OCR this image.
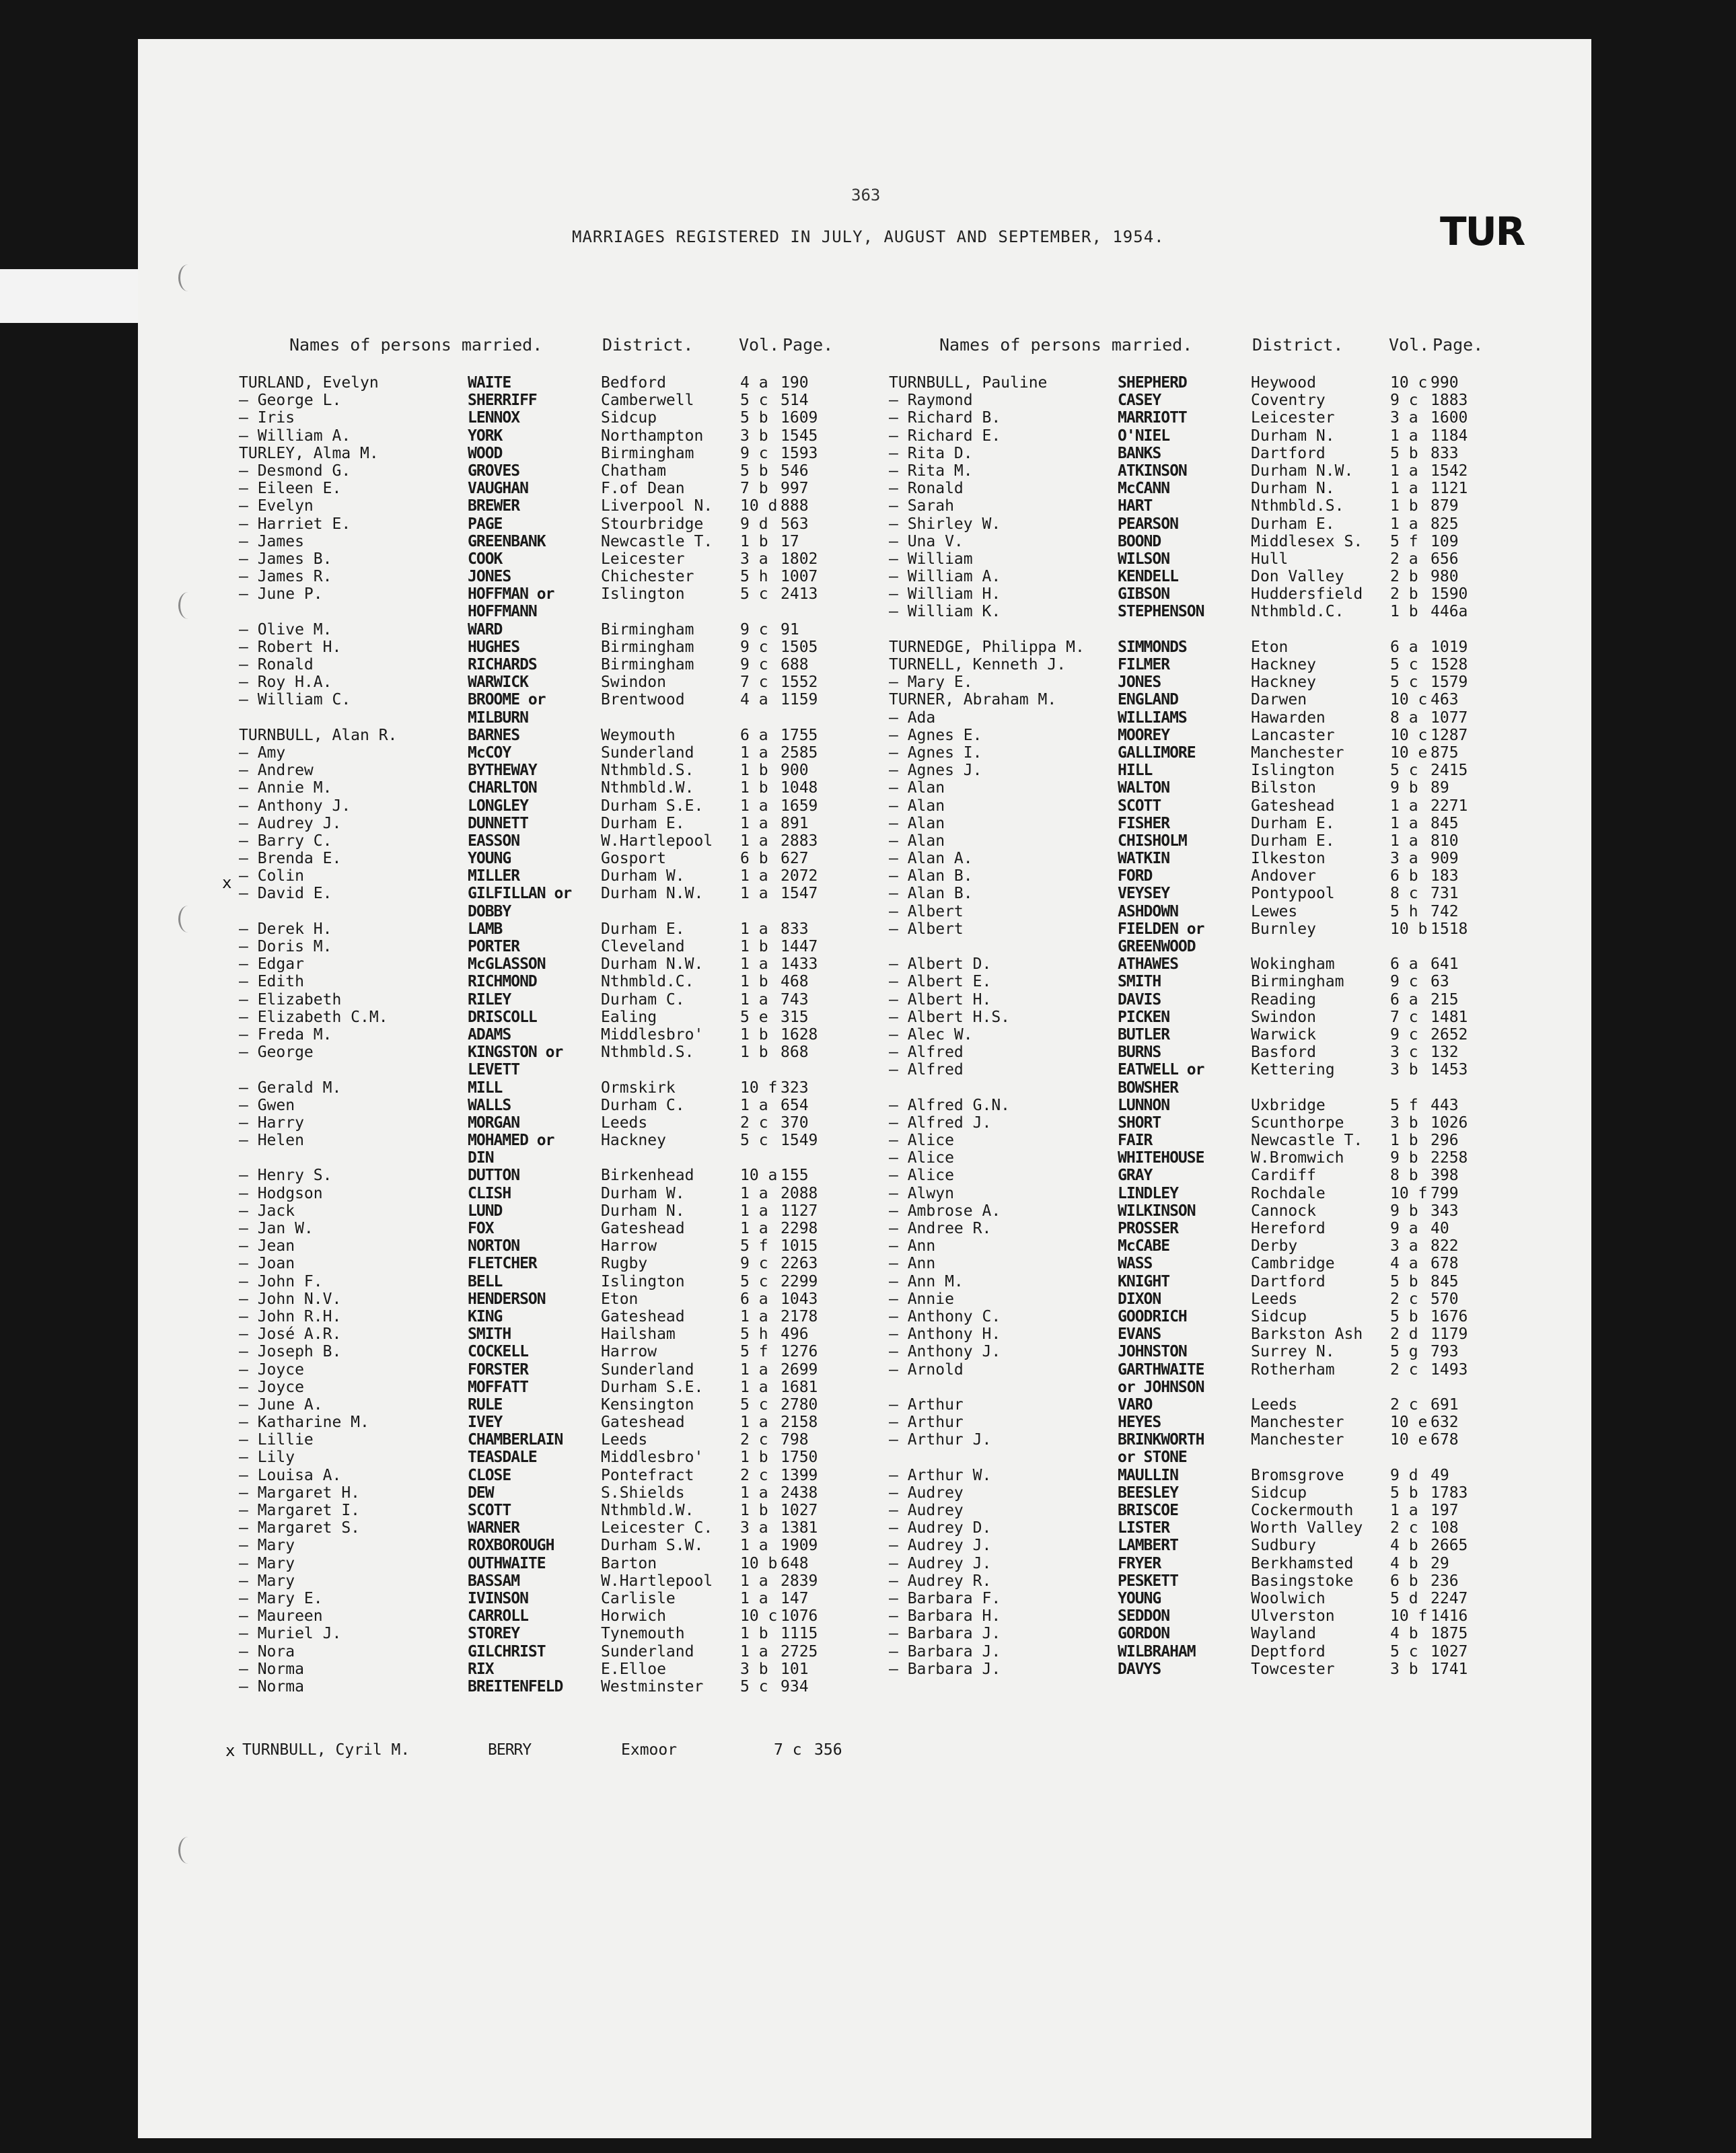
363
MARRIAGES REGISTERED IN JULY, AUGUST AND SEPTEMBER, 1954.	TUR
Names of persons married.	District.	Vol. Page.
TURLAND, Evelyn	WAITE	Bedford	4 a 190
— George L.	SHERRIFF	Camberwell	5 c 514
— Iris	LENNOX	Sidcup	5 b 1609
— William A.	YORK	Northampton 3 b 1545
TURLEY, Alma M.	WOOD	Birmingham	9 c 1593
— Desmond G.	GROVES	Chatham	5 b 546
— Eileen E.	VAUGHAN	F.of Dean	7 b 997
— Evelyn	BREWER	Liverpool N. 10 d 888
— Harriet E.	PAGE	Stourbridge 9 d 563
— James	GREENBANK	Newcastle T. 1 b 17
— James B.	COOK	Leicester	3 a 1802
— James R.	JONES	Chichester	5 h 1007
— June P.	HOFFMAN or	Islington	5 c 2413
HOFFMANN
— Olive M.	WARD	Birmingham	9 c 91
— Robert H.	HUGHES	Birmingham	9 c 1505
— Ronald	RICHARDS	Birmingham	9 c 688
— Roy H.A.	WARWICK	Swindon	7 c 1552
— William C.	BROOME or	Brentwood	4 a 1159
MILBURN
TURNBULL, Alan R.	BARNES	Weymouth	6 a 1755
— Amy	McCOY	Sunderland	1 a 2585
— Andrew	BYTHEWAY	Nthmbld.S.	1 b 900
— Annie M.	CHARLTON	Nthmbld.W.	1 b 1048
— Anthony J.	LONGLEY	Durham S.E. 1 a 1659
— Audrey J.	DUNNETT	Durham E.	1 a 891
— Barry C.	EASSON	W.Hartlepool 1 a 2883
— Brenda E.	YOUNG	Gosport	6 b 627
— Colin	MILLER	Durham W.	1 a 2072
— David E.	GILFILLAN or Durham N.W. 1 a 1547
DOBBY
— Derek H.	LAMB	Durham E.	1 a 833
— Doris M.	PORTER	Cleveland	1 b 1447
— Edgar	McGLASSON	Durham N.W. 1 a 1433
— Edith	RICHMOND	Nthmbld.C.	1 b 468
— Elizabeth	RILEY	Durham C.	1 a 743
— Elizabeth C.M.	DRISCOLL	Ealing	5 e 315
— Freda M.	ADAMS	Middlesbro' 1 b 1628
— George	KINGSTON or Nthmbld.S.	1 b 868
LEVETT
— Gerald M.	MILL	Ormskirk	10 f 323
— Gwen	WALLS	Durham C.	1 a 654
— Harry	MORGAN	Leeds	2 c 370
— Helen	MOHAMED or	Hackney	5 c 1549
DIN
— Henry S.	DUTTON	Birkenhead	10 a 155
— Hodgson	CLISH	Durham W.	1 a 2088
— Jack	LUND	Durham N.	1 a 1127
— Jan W.	FOX	Gateshead	1 a 2298
— Jean	NORTON	Harrow	5 f 1015
— Joan	FLETCHER	Rugby	9 c 2263
— John F.	BELL	Islington	5 c 2299
— John N.V.	HENDERSON	Eton	6 a 1043
— John R.H.	KING	Gateshead	1 a 2178
— José A.R.	SMITH	Hailsham	5 h 496
— Joseph B.	COCKELL	Harrow	5 f 1276
— Joyce	FORSTER	Sunderland	1 a 2699
— Joyce	MOFFATT	Durham S.E. 1 a 1681
— June A.	RULE	Kensington	5 c 2780
— Katharine M.	IVEY	Gateshead	1 a 2158
— Lillie	CHAMBERLAIN Leeds	2 c 798
— Lily	TEASDALE	Middlesbro' 1 b 1750
— Louisa A.	CLOSE	Pontefract	2 c 1399
— Margaret H.	DEW	S.Shields	1 a 2438
— Margaret I.	SCOTT	Nthmbld.W.	1 b 1027
— Margaret S.	WARNER	Leicester C. 3 a 1381
— Mary	ROXBOROUGH	Durham S.W. 1 a 1909
— Mary	OUTHWAITE	Barton	10 b 648
— Mary	BASSAM	W.Hartlepool 1 a 2839
— Mary E.	IVINSON	Carlisle	1 a 147
— Maureen	CARROLL	Horwich	10 c 1076
— Muriel J.	STOREY	Tynemouth	1 b 1115
— Nora	GILCHRIST	Sunderland	1 a 2725
— Norma	RIX	E.Elloe	3 b 101
— Norma	BREITENFELD Westminster 5 c 934
Names of persons married.	District.	Vol. Page.
TURNBULL, Pauline	SHEPHERD	Heywood	10 c 990
— Raymond	CASEY	Coventry	9 c 1883
— Richard B.	MARRIOTT	Leicester	3 a 1600
— Richard E.	O'NIEL	Durham N.	1 a 1184
— Rita D.	BANKS	Dartford	5 b 833
— Rita M.	ATKINSON	Durham N.W. 1 a 1542
— Ronald	McCANN	Durham N.	1 a 1121
— Sarah	HART	Nthmbld.S.	1 b 879
— Shirley W.	PEARSON	Durham E.	1 a 825
— Una V.	BOOND	Middlesex S. 5 f 109
— William	WILSON	Hull	2 a 656
— William A.	KENDELL	Don Valley	2 b 980
— William H.	GIBSON	Huddersfield 2 b 1590
— William K.	STEPHENSON	Nthmbld.C.	1 b 446a
TURNEDGE, Philippa M. SIMMONDS	Eton	6 a 1019
TURNELL, Kenneth J.	FILMER	Hackney	5 c 1528
— Mary E.	JONES	Hackney	5 c 1579
TURNER, Abraham M.	ENGLAND	Darwen	10 c 463
— Ada	WILLIAMS	Hawarden	8 a 1077
— Agnes E.	MOOREY	Lancaster	10 c 1287
— Agnes I.	GALLIMORE	Manchester	10 e 875
— Agnes J.	HILL	Islington	5 c 2415
— Alan	WALTON	Bilston	9 b 89
— Alan	SCOTT	Gateshead	1 a 2271
— Alan	FISHER	Durham E.	1 a 845
— Alan	CHISHOLM	Durham E.	1 a 810
— Alan A.	WATKIN	Ilkeston	3 a 909
— Alan B.	FORD	Andover	6 b 183
— Alan B.	VEYSEY	Pontypool	8 c 731
— Albert	ASHDOWN	Lewes	5 h 742
— Albert	FIELDEN or	Burnley	10 b 1518
GREENWOOD
— Albert D.	ATHAWES	Wokingham	6 a 641
— Albert E.	SMITH	Birmingham	9 c 63
— Albert H.	DAVIS	Reading	6 a 215
— Albert H.S.	PICKEN	Swindon	7 c 1481
— Alec W.	BUTLER	Warwick	9 c 2652
— Alfred	BURNS	Basford	3 c 132
— Alfred	EATWELL or	Kettering	3 b 1453
BOWSHER
— Alfred G.N.	LUNNON	Uxbridge	5 f 443
— Alfred J.	SHORT	Scunthorpe	3 b 1026
— Alice	FAIR	Newcastle T. 1 b 296
— Alice	WHITEHOUSE	W.Bromwich	9 b 2258
— Alice	GRAY	Cardiff	8 b 398
— Alwyn	LINDLEY	Rochdale	10 f 799
— Ambrose A.	WILKINSON	Cannock	9 b 343
— Andree R.	PROSSER	Hereford	9 a 40
— Ann	McCABE	Derby	3 a 822
— Ann	WASS	Cambridge	4 a 678
— Ann M.	KNIGHT	Dartford	5 b 845
— Annie	DIXON	Leeds	2 c 570
— Anthony C.	GOODRICH	Sidcup	5 b 1676
— Anthony H.	EVANS	Barkston Ash 2 d 1179
— Anthony J.	JOHNSTON	Surrey N.	5 g 793
— Arnold	GARTHWAITE	Rotherham	2 c 1493
or JOHNSON
— Arthur	VARO	Leeds	2 c 691
— Arthur	HEYES	Manchester	10 e 632
— Arthur J.	BRINKWORTH	Manchester	10 e 678
or STONE
— Arthur W.	MAULLIN	Bromsgrove	9 d 49
— Audrey	BEESLEY	Sidcup	5 b 1783
— Audrey	BRISCOE	Cockermouth 1 a 197
— Audrey D.	LISTER	Worth Valley 2 c 108
— Audrey J.	LAMBERT	Sudbury	4 b 2665
— Audrey J.	FRYER	Berkhamsted 4 b 29
— Audrey R.	PESKETT	Basingstoke 6 b 236
— Barbara F.	YOUNG	Woolwich	5 d 2247
— Barbara H.	SEDDON	Ulverston	10 f 1416
— Barbara J.	GORDON	Wayland	4 b 1875
— Barbara J.	WILBRAHAM	Deptford	5 c 1027
— Barbara J.	DAVYS	Towcester	3 b 1741
x
x TURNBULL, Cyril M.	BERRY	Exmoor	7 c 356
